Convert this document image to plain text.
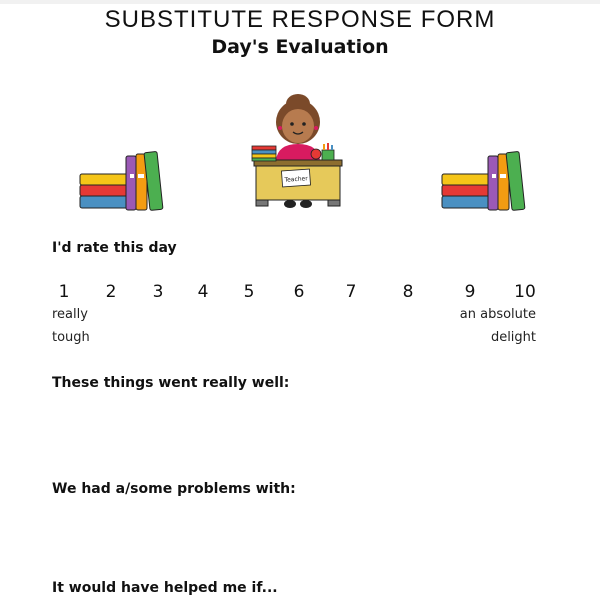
SUBSTITUTE RESPONSE FORM
Day's Evaluation
Teacher
I'd rate this day
1 2 3 4 5 6 7	8	9 10
really
tough
an absolute
delight
These things went really well:
We had a/some problems with:
It would have helped me if...
